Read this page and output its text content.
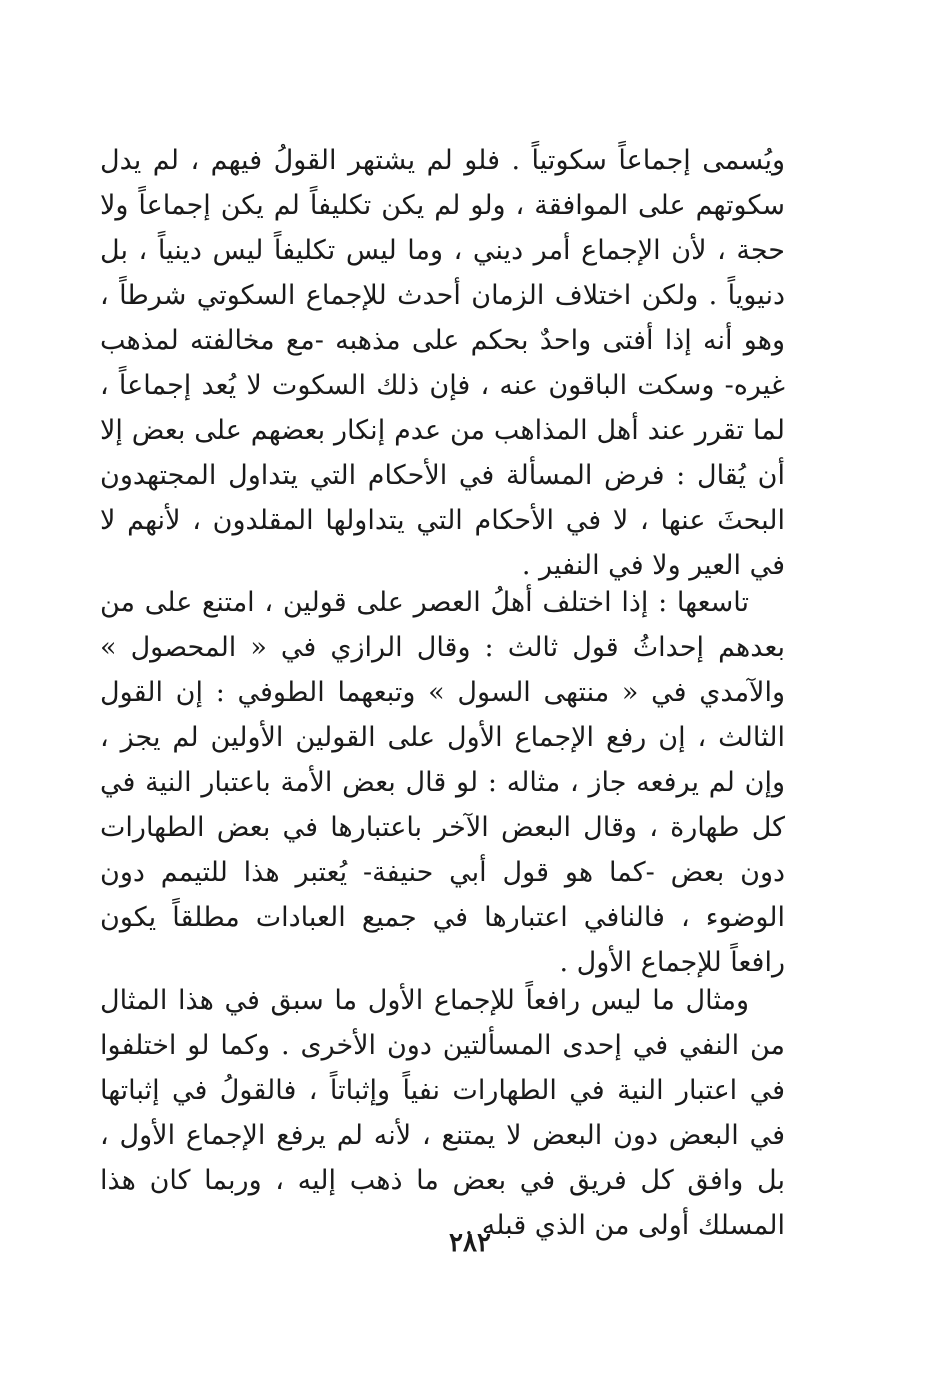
ويُسمى إجماعاً سكوتياً . فلو لم يشتهر القولُ فيهم ، لم يدل سكوتهم على الموافقة ، ولو لم يكن تكليفاً لم يكن إجماعاً ولا حجة ، لأن الإجماع أمر ديني ، وما ليس تكليفاً ليس دينياً ، بل دنيوياً . ولكن اختلاف الزمان أحدث للإجماع السكوتي شرطاً ، وهو أنه إذا أفتى واحدٌ بحكم على مذهبه -مع مخالفته لمذهب غيره- وسكت الباقون عنه ، فإن ذلك السكوت لا يُعد إجماعاً ، لما تقرر عند أهل المذاهب من عدم إنكار بعضهم على بعض إلا أن يُقال : فرض المسألة في الأحكام التي يتداول المجتهدون البحثَ عنها ، لا في الأحكام التي يتداولها المقلدون ، لأنهم لا في العير ولا في النفير .

تاسعها : إذا اختلف أهلُ العصر على قولين ، امتنع على من بعدهم إحداثُ قول ثالث : وقال الرازي في « المحصول » والآمدي في « منتهى السول » وتبعهما الطوفي : إن القول الثالث ، إن رفع الإجماع الأول على القولين الأولين لم يجز ، وإن لم يرفعه جاز ، مثاله : لو قال بعض الأمة باعتبار النية في كل طهارة ، وقال البعض الآخر باعتبارها في بعض الطهارات دون بعض -كما هو قول أبي حنيفة- يُعتبر هذا للتيمم دون الوضوء ، فالنافي اعتبارها في جميع العبادات مطلقاً يكون رافعاً للإجماع الأول .

ومثال ما ليس رافعاً للإجماع الأول ما سبق في هذا المثال من النفي في إحدى المسألتين دون الأخرى . وكما لو اختلفوا في اعتبار النية في الطهارات نفياً وإثباتاً ، فالقولُ في إثباتها في البعض دون البعض لا يمتنع ، لأنه لم يرفع الإجماع الأول ، بل وافق كل فريق في بعض ما ذهب إليه ، وربما كان هذا المسلك أولى من الذي قبله .

٢٨٢
